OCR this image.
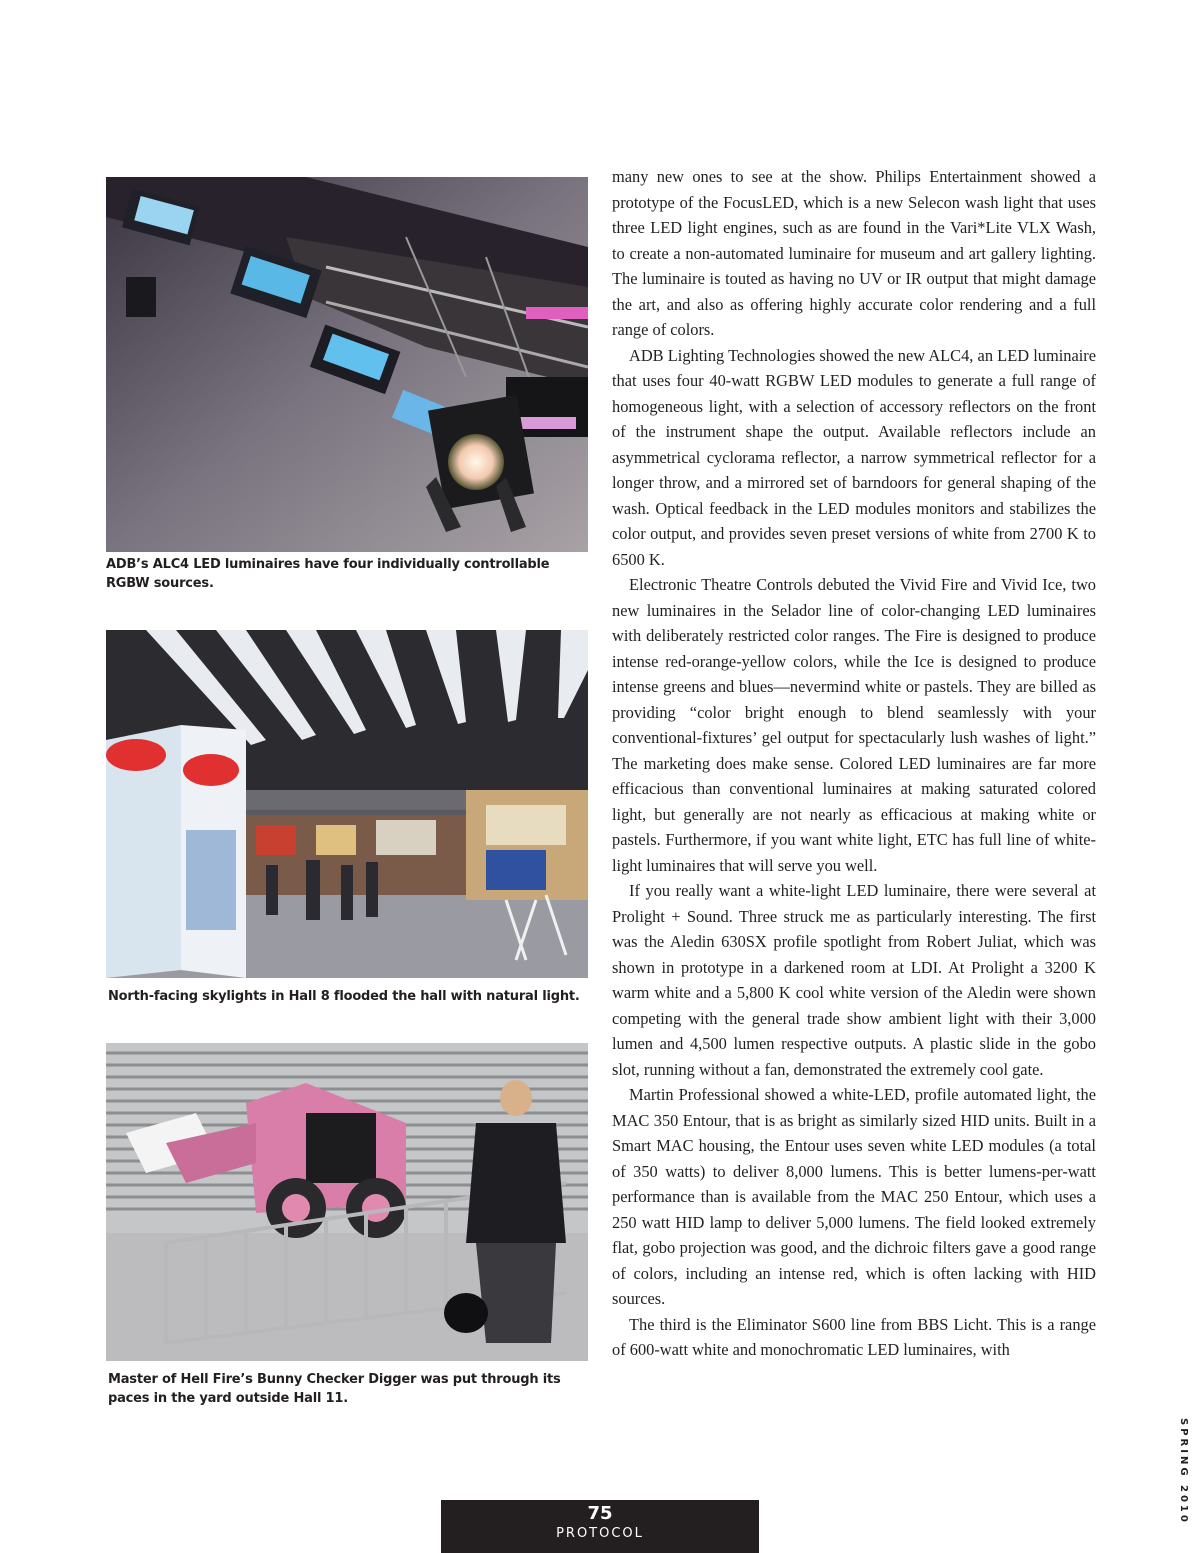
ADB’s ALC4 LED luminaires have four individually controllable RGBW sources.
North-facing skylights in Hall 8 flooded the hall with natural light.
Master of Hell Fire’s Bunny Checker Digger was put through its paces in the yard outside Hall 11.

many new ones to see at the show. Philips Entertainment showed a prototype of the FocusLED, which is a new Selecon wash light that uses three LED light engines, such as are found in the Vari*Lite VLX Wash, to create a non-automated luminaire for museum and art gallery lighting. The luminaire is touted as having no UV or IR output that might damage the art, and also as offering highly accurate color rendering and a full range of colors.

ADB Lighting Technologies showed the new ALC4, an LED luminaire that uses four 40-watt RGBW LED modules to generate a full range of homogeneous light, with a selection of accessory reflectors on the front of the instrument shape the output. Available reflectors include an asymmetrical cyclorama reflector, a narrow symmetrical reflector for a longer throw, and a mirrored set of barndoors for general shaping of the wash. Optical feedback in the LED modules monitors and stabilizes the color output, and provides seven preset versions of white from 2700 K to 6500 K.

Electronic Theatre Controls debuted the Vivid Fire and Vivid Ice, two new luminaires in the Selador line of color-changing LED luminaires with deliberately restricted color ranges. The Fire is designed to produce intense red-orange-yellow colors, while the Ice is designed to produce intense greens and blues—nevermind white or pastels. They are billed as providing “color bright enough to blend seamlessly with your conventional-fixtures’ gel output for spectacularly lush washes of light.” The marketing does make sense. Colored LED luminaires are far more efficacious than conventional luminaires at making saturated colored light, but generally are not nearly as efficacious at making white or pastels. Furthermore, if you want white light, ETC has full line of white-light luminaires that will serve you well.

If you really want a white-light LED luminaire, there were several at Prolight + Sound. Three struck me as particularly interesting. The first was the Aledin 630SX profile spotlight from Robert Juliat, which was shown in prototype in a darkened room at LDI. At Prolight a 3200 K warm white and a 5,800 K cool white version of the Aledin were shown competing with the general trade show ambient light with their 3,000 lumen and 4,500 lumen respective outputs. A plastic slide in the gobo slot, running without a fan, demonstrated the extremely cool gate.

Martin Professional showed a white-LED, profile automated light, the MAC 350 Entour, that is as bright as similarly sized HID units. Built in a Smart MAC housing, the Entour uses seven white LED modules (a total of 350 watts) to deliver 8,000 lumens. This is better lumens-per-watt performance than is available from the MAC 250 Entour, which uses a 250 watt HID lamp to deliver 5,000 lumens. The field looked extremely flat, gobo projection was good, and the dichroic filters gave a good range of colors, including an intense red, which is often lacking with HID sources.

The third is the Eliminator S600 line from BBS Licht. This is a range of 600-watt white and monochromatic LED luminaires, with

SPRING 2010
75
PROTOCOL
